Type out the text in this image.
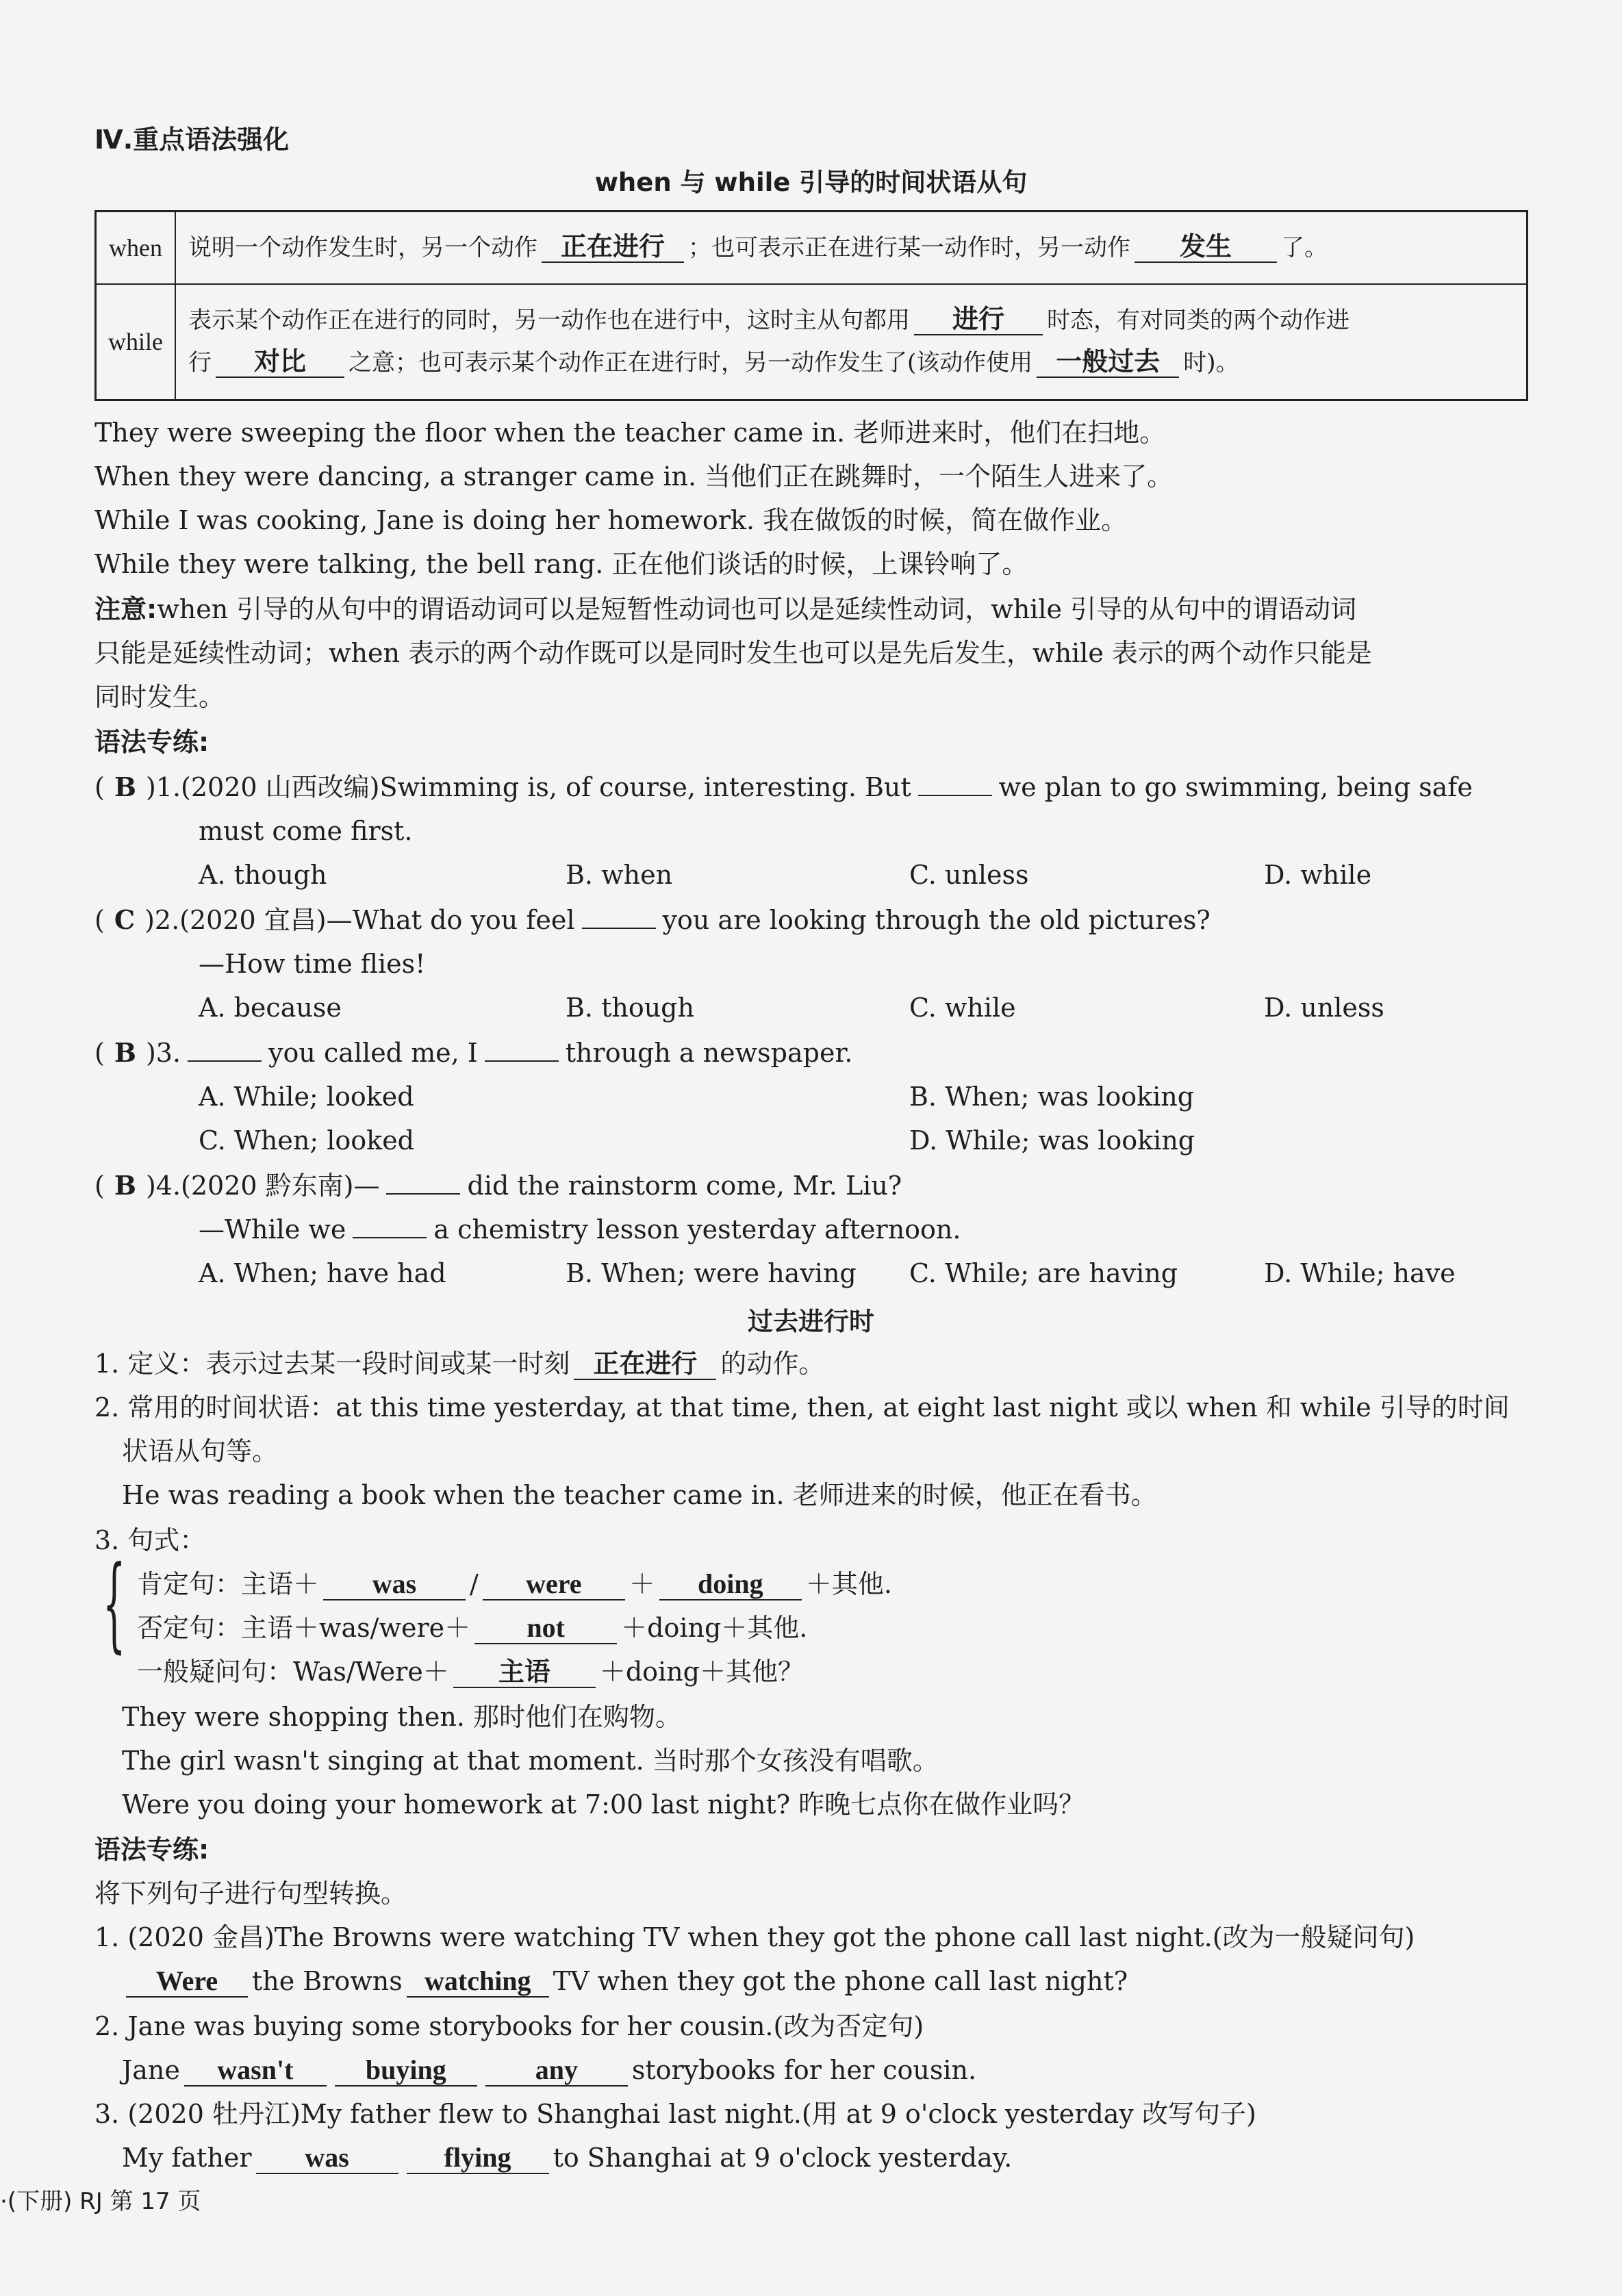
Ⅳ.重点语法强化
when 与 while 引导的时间状语从句
when	说明一个动作发生时，另一个动作 正在进行 ；也可表示正在进行某一动作时，另一动作 发生 了。
while	表示某个动作正在进行的同时，另一动作也在进行中，这时主从句都用 进行 时态，有对同类的两个动作进
行 对比 之意；也可表示某个动作正在进行时，另一动作发生了(该动作使用 一般过去 时)。
They were sweeping the floor when the teacher came in. 老师进来时，他们在扫地。
When they were dancing, a stranger came in. 当他们正在跳舞时，一个陌生人进来了。
While I was cooking, Jane is doing her homework. 我在做饭的时候，简在做作业。
While they were talking, the bell rang. 正在他们谈话的时候，上课铃响了。
注意:when 引导的从句中的谓语动词可以是短暂性动词也可以是延续性动词，while 引导的从句中的谓语动词
只能是延续性动词；when 表示的两个动作既可以是同时发生也可以是先后发生，while 表示的两个动作只能是
同时发生。
语法专练:
( B )1.(2020 山西改编)Swimming is, of course, interesting. But	we plan to go swimming, being safe
must come first.
A. though	B. when	C. unless	D. while
( C )2.(2020 宜昌)—What do you feel	you are looking through the old pictures?
—How time flies!
A. because	B. though	C. while	D. unless
( B )3.	you called me, I	through a newspaper.
A. While; looked	B. When; was looking
C. When; looked	D. While; was looking
( B )4.(2020 黔东南)—	did the rainstorm come, Mr. Liu?
—While we	a chemistry lesson yesterday afternoon.
A. When; have had	B. When; were having C. While; are having	D. While; have
过去进行时
1. 定义：表示过去某一段时间或某一时刻 正在进行 的动作。
2. 常用的时间状语：at this time yesterday, at that time, then, at eight last night 或以 when 和 while 引导的时间
状语从句等。
He was reading a book when the teacher came in. 老师进来的时候，他正在看书。
3. 句式：
{ 肯定句：主语＋ was / were ＋ doing ＋其他.
否定句：主语＋was/were＋ not ＋doing＋其他.
一般疑问句：Was/Were＋ 主语 ＋doing＋其他？
They were shopping then. 那时他们在购物。
The girl wasn't singing at that moment. 当时那个女孩没有唱歌。
Were you doing your homework at 7:00 last night? 昨晚七点你在做作业吗？
语法专练:
将下列句子进行句型转换。
1. (2020 金昌)The Browns were watching TV when they got the phone call last night.(改为一般疑问句)
Were the Browns watching TV when they got the phone call last night?
2. Jane was buying some storybooks for her cousin.(改为否定句)
Jane wasn't	buying	any storybooks for her cousin.
3. (2020 牡丹江)My father flew to Shanghai last night.(用 at 9 o'clock yesterday 改写句子)
My father was	flying to Shanghai at 9 o'clock yesterday.
·(下册) RJ 第 17 页
